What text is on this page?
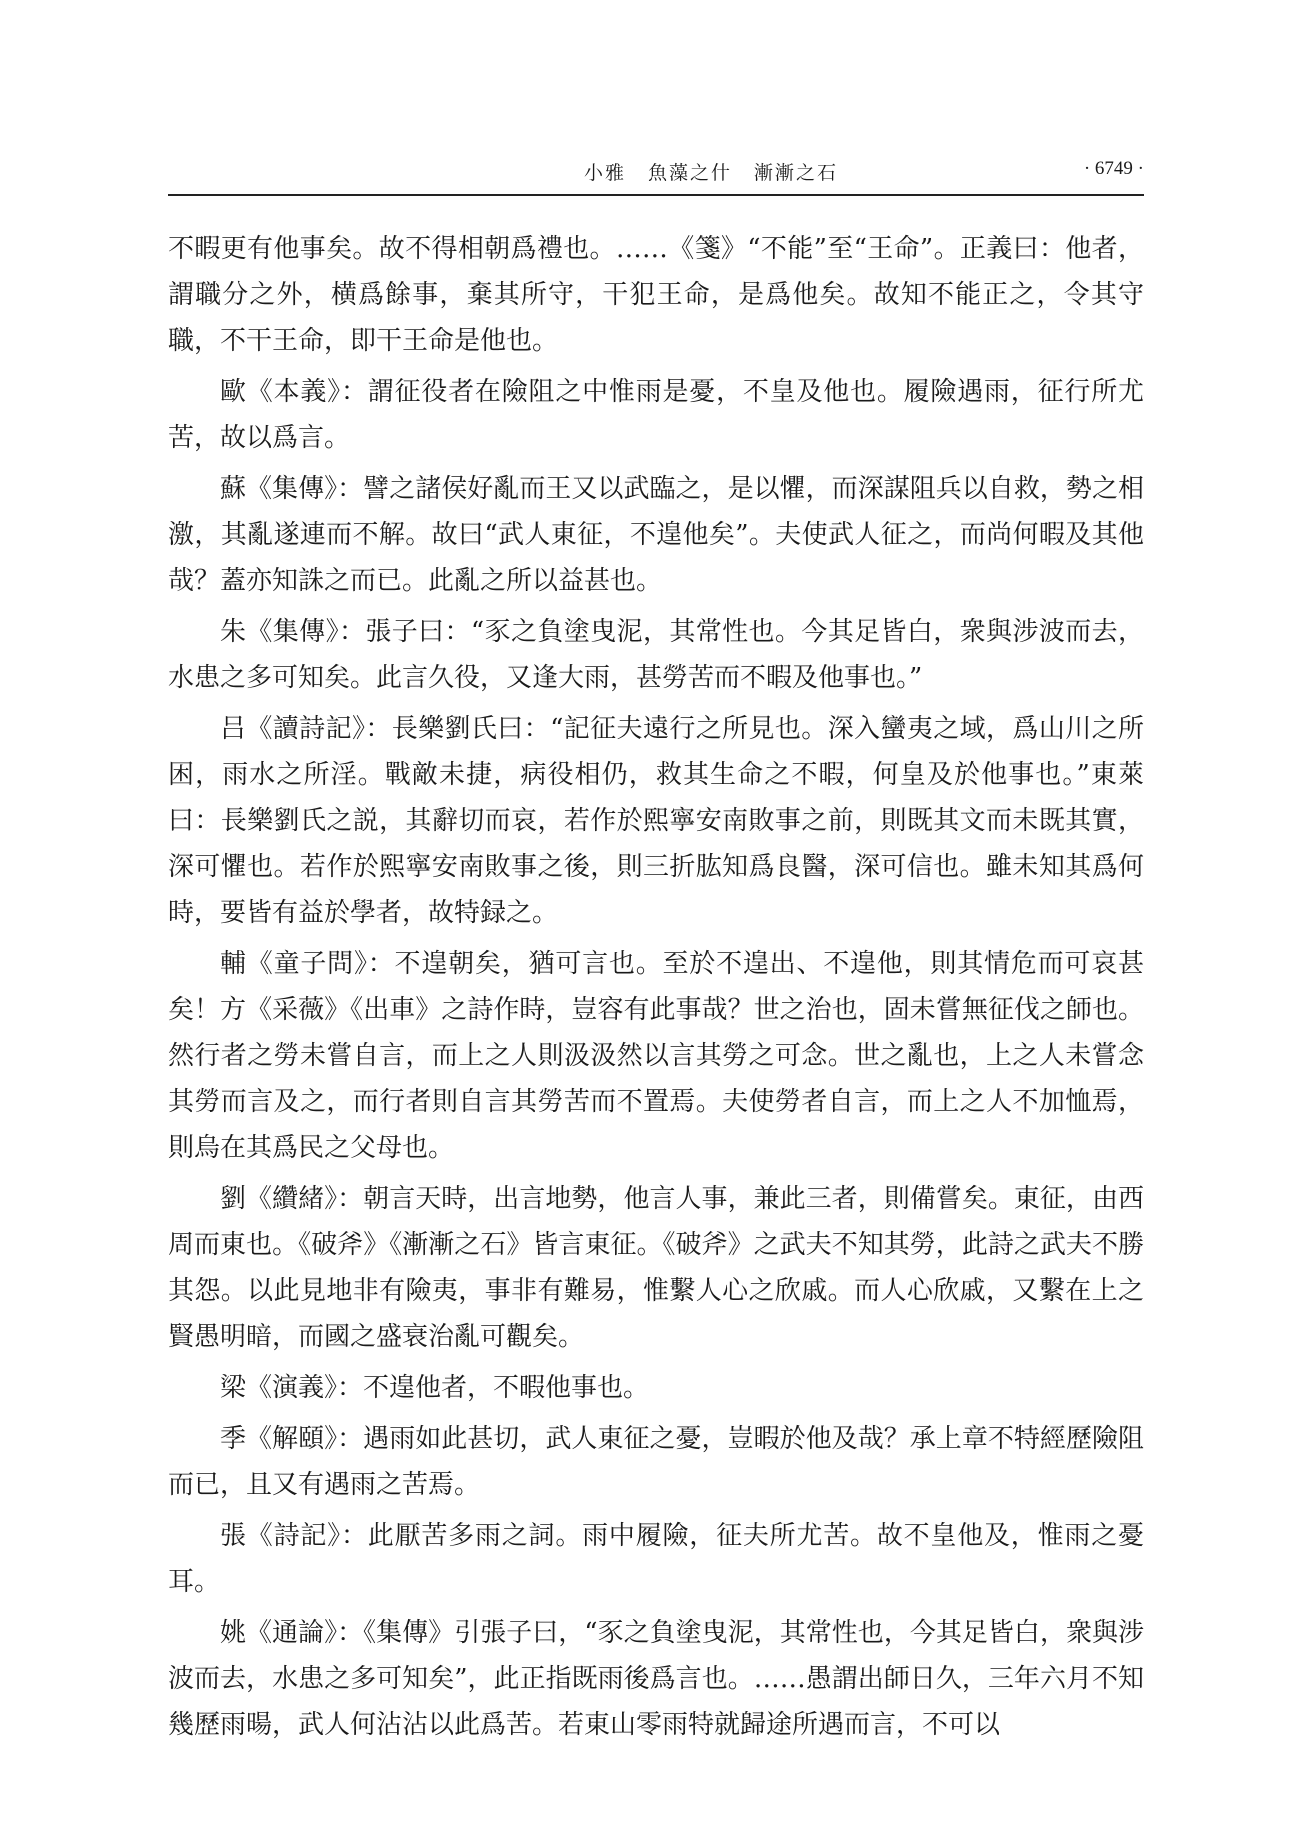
小雅 魚藻之什 漸漸之石	· 6749 ·

不暇更有他事矣。故不得相朝爲禮也。……《箋》“不能”至“王命”。正義曰：他者，謂職分之外，横爲餘事，棄其所守，干犯王命，是爲他矣。故知不能正之，令其守職，不干王命，即干王命是他也。

歐《本義》：謂征役者在險阻之中惟雨是憂，不皇及他也。履險遇雨，征行所尤苦，故以爲言。

蘇《集傳》：譬之諸侯好亂而王又以武臨之，是以懼，而深謀阻兵以自救，勢之相激，其亂遂連而不解。故曰“武人東征，不遑他矣”。夫使武人征之，而尚何暇及其他哉？蓋亦知誅之而已。此亂之所以益甚也。

朱《集傳》：張子曰：“豕之負塗曳泥，其常性也。今其足皆白，衆與涉波而去，水患之多可知矣。此言久役，又逢大雨，甚勞苦而不暇及他事也。”

吕《讀詩記》：長樂劉氏曰：“記征夫遠行之所見也。深入蠻夷之域，爲山川之所困，雨水之所淫。戰敵未捷，病役相仍，救其生命之不暇，何皇及於他事也。”東萊曰：長樂劉氏之説，其辭切而哀，若作於熙寧安南敗事之前，則既其文而未既其實，深可懼也。若作於熙寧安南敗事之後，則三折肱知爲良醫，深可信也。雖未知其爲何時，要皆有益於學者，故特録之。

輔《童子問》：不遑朝矣，猶可言也。至於不遑出、不遑他，則其情危而可哀甚矣！方《采薇》《出車》之詩作時，豈容有此事哉？世之治也，固未嘗無征伐之師也。然行者之勞未嘗自言，而上之人則汲汲然以言其勞之可念。世之亂也，上之人未嘗念其勞而言及之，而行者則自言其勞苦而不置焉。夫使勞者自言，而上之人不加恤焉，則烏在其爲民之父母也。

劉《纘緒》：朝言天時，出言地勢，他言人事，兼此三者，則備嘗矣。東征，由西周而東也。《破斧》《漸漸之石》皆言東征。《破斧》之武夫不知其勞，此詩之武夫不勝其怨。以此見地非有險夷，事非有難易，惟繫人心之欣戚。而人心欣戚，又繫在上之賢愚明暗，而國之盛衰治亂可觀矣。

梁《演義》：不遑他者，不暇他事也。

季《解頤》：遇雨如此甚切，武人東征之憂，豈暇於他及哉？承上章不特經歷險阻而已，且又有遇雨之苦焉。

張《詩記》：此厭苦多雨之詞。雨中履險，征夫所尤苦。故不皇他及，惟雨之憂耳。

姚《通論》：《集傳》引張子曰，“豕之負塗曳泥，其常性也，今其足皆白，衆與涉波而去，水患之多可知矣”，此正指既雨後爲言也。……愚謂出師日久，三年六月不知幾歷雨暘，武人何沾沾以此爲苦。若東山零雨特就歸途所遇而言，不可以
